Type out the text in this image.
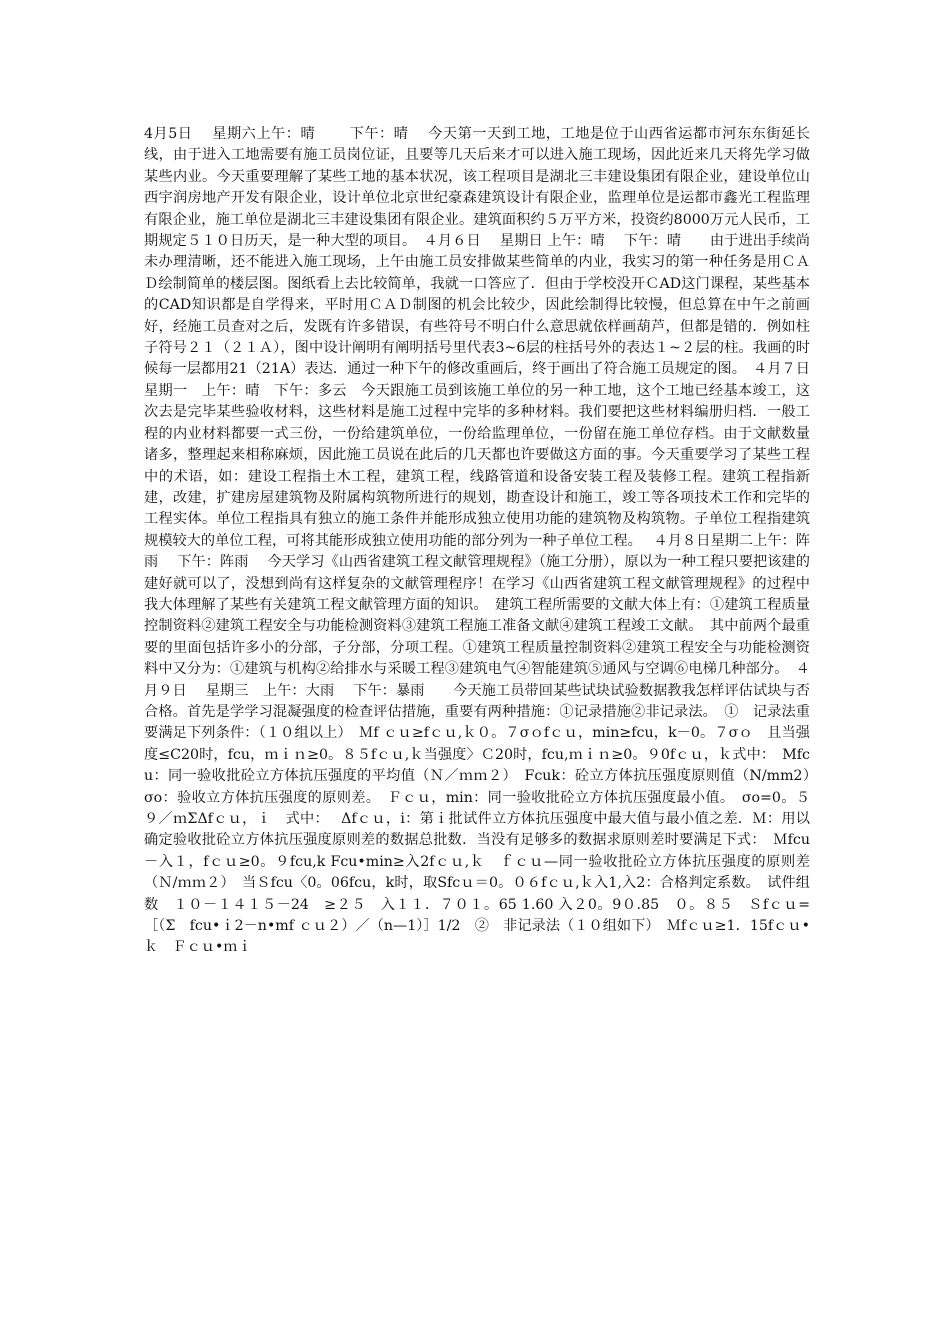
4月5日　 星期六上午：晴　　 下午：晴　 今天第一天到工地，工地是位于山西省运都市河东东街延长线，由于进入工地需要有施工员岗位证，且要等几天后来才可以进入施工现场，因此近来几天将先学习做某些内业。今天重要理解了某些工地的基本状况，该工程项目是湖北三丰建设集团有限企业，建设单位山西宇润房地产开发有限企业，设计单位北京世纪豪森建筑设计有限企业，监理单位是运都市鑫光工程监理有限企业，施工单位是湖北三丰建设集团有限企业。建筑面积约５万平方米，投资约8000万元人民币，工期规定５１０日历天，是一种大型的项目。　４月６日　 星期日 上午：晴　 下午：晴　　由于进出手续尚未办理清晰，还不能进入施工现场，上午由施工员安排做某些简单的内业，我实习的第一种任务是用ＣＡＤ绘制简单的楼层图。图纸看上去比较简单，我就一口答应了．但由于学校没开ＣAD这门课程，某些基本的CAD知识都是自学得来，平时用ＣＡＤ制图的机会比较少，因此绘制得比较慢，但总算在中午之前画好，经施工员查对之后，发既有许多错误，有些符号不明白什么意思就依样画葫芦，但都是错的．例如柱子符号２１（２１Ａ），图中设计阐明有阐明括号里代表3~6层的柱括号外的表达１~２层的柱。我画的时候每一层都用21（21A）表达．通过一种下午的修改重画后，终于画出了符合施工员规定的图。　４月７日　 星期一　上午：晴　下午：多云　今天跟施工员到该施工单位的另一种工地，这个工地已经基本竣工，这次去是完毕某些验收材料，这些材料是施工过程中完毕的多种材料。我们要把这些材料编册归档．一般工程的内业材料都要一式三份，一份给建筑单位，一份给监理单位，一份留在施工单位存档。由于文献数量诸多，整理起来相称麻烦，因此施工员说在此后的几天都也许要做这方面的事。今天重要学习了某些工程中的术语，如：建设工程指土木工程，建筑工程，线路管道和设备安装工程及装修工程。建筑工程指新建，改建，扩建房屋建筑物及附属构筑物所进行的规划，勘查设计和施工，竣工等各项技术工作和完毕的工程实体。单位工程指具有独立的施工条件并能形成独立使用功能的建筑物及构筑物。子单位工程指建筑规模较大的单位工程，可将其能形成独立使用功能的部分列为一种子单位工程。　 ４月８日星期二上午：阵雨　 下午：阵雨　 今天学习《山西省建筑工程文献管理规程》（施工分册），原以为一种工程只要把该建的建好就可以了，没想到尚有这样复杂的文献管理程序！在学习《山西省建筑工程文献管理规程》的过程中我大体理解了某些有关建筑工程文献管理方面的知识。　建筑工程所需要的文献大体上有：①建筑工程质量控制资料②建筑工程安全与功能检测资料③建筑工程施工准备文献④建筑工程竣工文献。　其中前两个最重要的里面包括许多小的分部，子分部，分项工程。①建筑工程质量控制资料②建筑工程安全与功能检测资料中又分为：①建筑与机构②给排水与采暖工程③建筑电气④智能建筑⑤通风与空调⑥电梯几种部分。　４月９日　 星期三　上午：大雨　 下午：暴雨　　今天施工员带回某些试块试验数据教我怎样评估试块与否合格。首先是学学习混凝强度的检查评估措施，重要有两种措施：①记录措施②非记录法。　①　记录法重要满足下列条件：（１０组以上）　Ｍf ｃｕ≥fｃｕ,ｋ０。７σｏfｃｕ，min≥fcu，k－0。７σｏ　且当强度≤C20时，fcu，ｍｉｎ≥0。８５fｃｕ,ｋ当强度〉Ｃ20时，fcu,ｍｉｎ≥0。９0fｃｕ，ｋ式中：　Mfcu：同一验收批砼立方体抗压强度的平均值（Ｎ／ｍｍ２）　Fcuk：砼立方体抗压强度原则值（N/mm2）　σo：验收立方体抗压强度的原则差。　Ｆｃｕ，min：同一验收批砼立方体抗压强度最小值。　σo=0。５９／ｍΣΔfｃｕ，ｉ　式中：　 Δfｃｕ，i：第ｉ批试件立方体抗压强度中最大值与最小值之差．Ｍ：用以确定验收批砼立方体抗压强度原则差的数据总批数．当没有足够多的数据求原则差时要满足下式：　Ｍfcu－入１，fｃｕ≥0。９fcu,k Fcu•min≥入2fｃｕ,ｋ　ｆｃｕ—同一验收批砼立方体抗压强度的原则差（Ｎ/ｍｍ２）　当Ｓfcu〈0。06fcu，k时，取Sfcｕ＝0。０６fｃｕ,ｋ入1,入2：合格判定系数。　试件组数　１０－１４１５－24　≥２５　入１１．７０１。65 1.60 入２0。9０.85　０。８５　Ｓfｃｕ=［（Σ　fcu•ｉ2－n•mf ｃｕ２）／（n—1）］1/2　②　非记录法（１０组如下）　Ｍfｃｕ≥1．15fｃｕ•ｋ　Ｆｃｕ•ｍｉ
